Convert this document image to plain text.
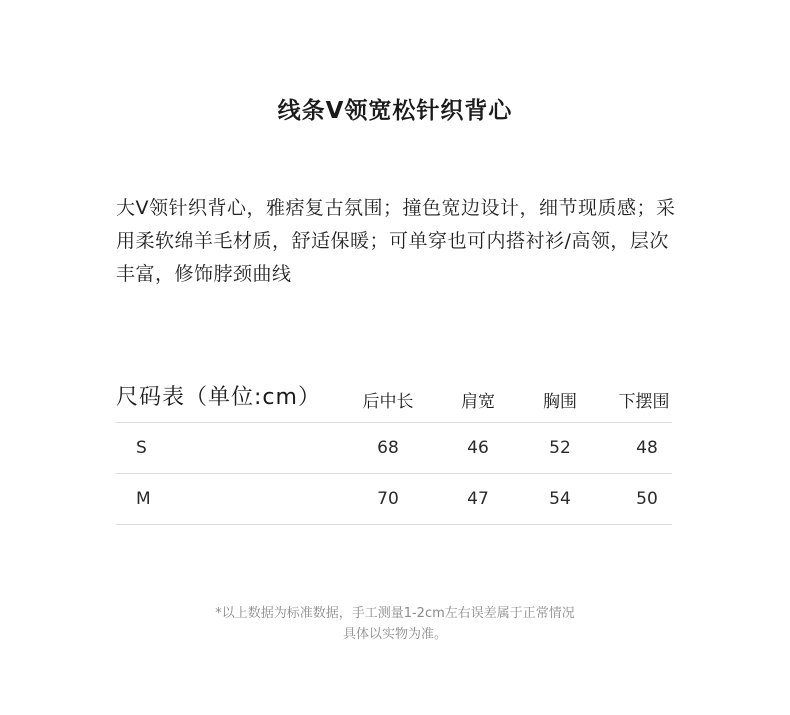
线条V领宽松针织背心
大V领针织背心，雅痞复古氛围；撞色宽边设计，细节现质感；采用柔软绵羊毛材质，舒适保暖；可单穿也可内搭衬衫/高领，层次丰富，修饰脖颈曲线
尺码表（单位:cm）	后中长	肩宽	胸围	下摆围
S	68	46	52	48
M	70	47	54	50
*以上数据为标准数据，手工测量1-2cm左右误差属于正常情况
具体以实物为准。
